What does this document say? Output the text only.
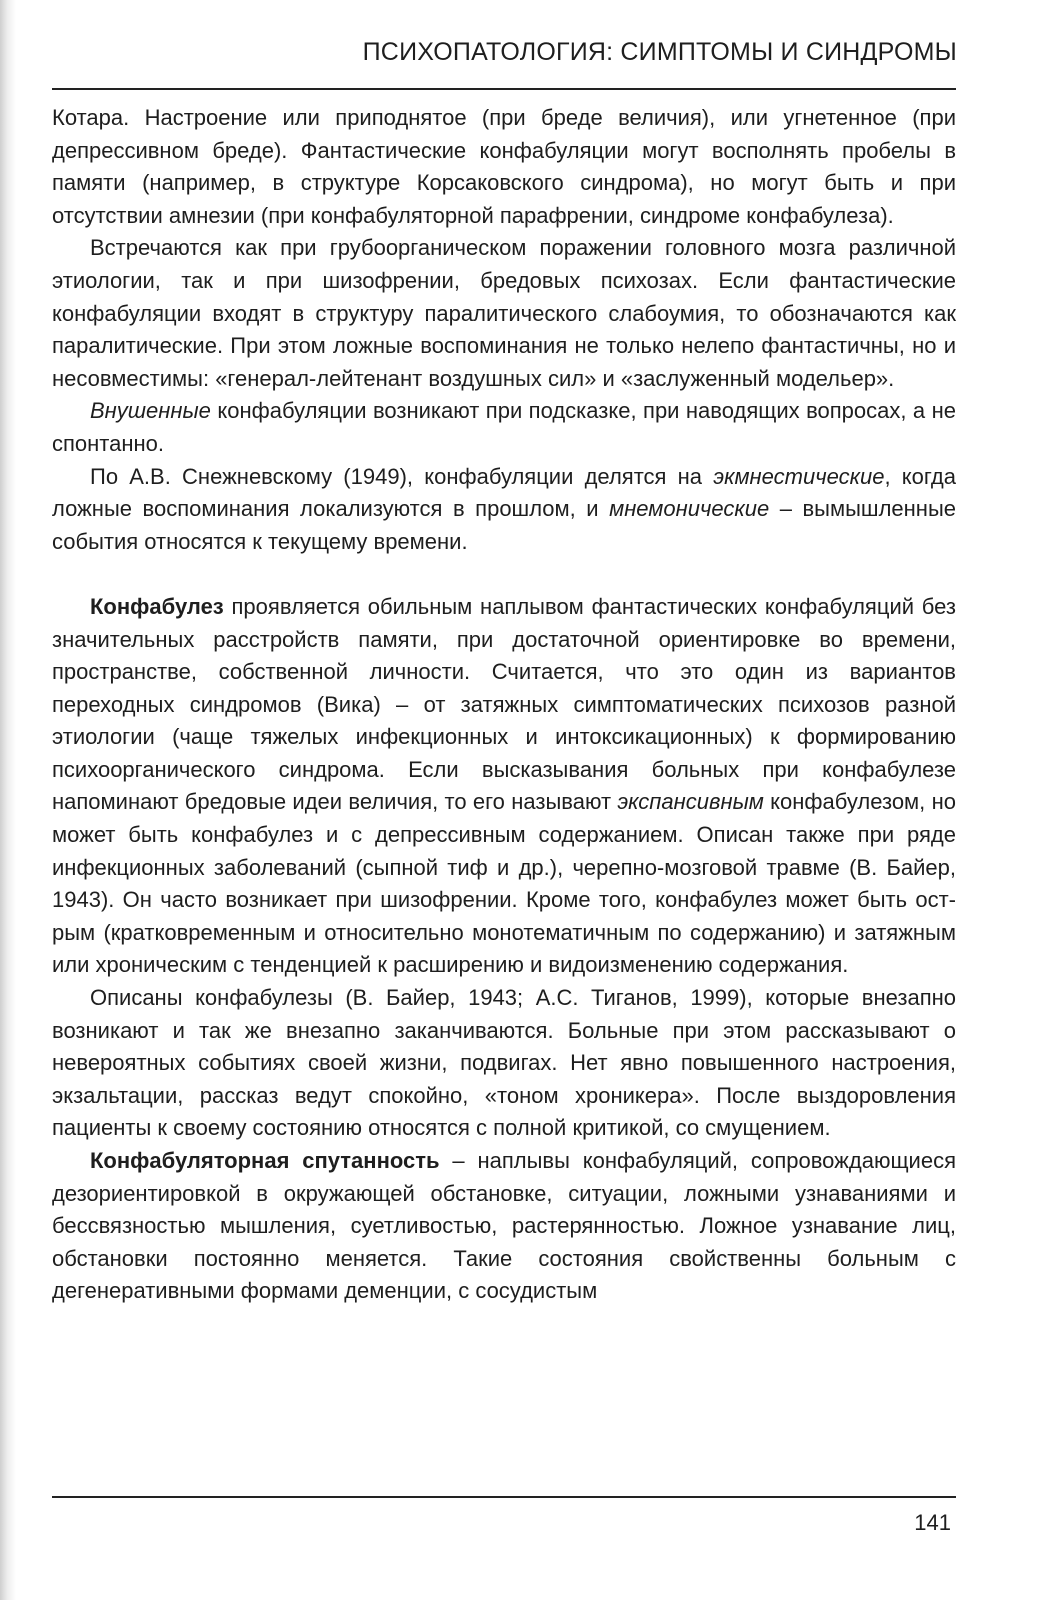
ПСИХОПАТОЛОГИЯ: СИМПТОМЫ И СИНДРОМЫ

Котара. Настроение или приподнятое (при бреде величия), или угнетенное (при депрессивном бреде). Фантастические конфабуляции могут восполнять пробелы в памяти (например, в структуре Корсаковского синдрома), но могут быть и при отсутствии амнезии (при конфабуляторной парафрении, синдроме конфабулеза).

Встречаются как при грубоорганическом поражении головного мозга различной этиологии, так и при шизофрении, бредовых психозах. Если фантастические конфабуляции входят в структуру паралитического слабоумия, то обозначаются как паралитические. При этом ложные воспоминания не только нелепо фантастичны, но и несовместимы: «генерал-лейтенант воздушных сил» и «заслуженный модельер».

Внушенные конфабуляции возникают при подсказке, при наводящих вопросах, а не спонтанно.

По А.В. Снежневскому (1949), конфабуляции делятся на экмнестические, когда ложные воспоминания локализуются в прошлом, и мнемонические – вымышленные события относятся к текущему времени.

Конфабулез проявляется обильным наплывом фантастических конфабуляций без значительных расстройств памяти, при достаточной ориентировке во времени, пространстве, собственной личности. Считается, что это один из вариантов переходных синдромов (Вика) – от затяжных симптоматических психозов разной этиологии (чаще тяжелых инфекционных и интоксикационных) к формированию психоорганического синдрома. Если высказывания больных при конфабулезе напоминают бредовые идеи величия, то его называют экспансивным конфабулезом, но может быть конфабулез и с депрессивным содержанием. Описан также при ряде инфекционных заболеваний (сыпной тиф и др.), черепно-мозговой травме (В. Байер, 1943). Он часто возникает при шизофрении. Кроме того, конфабулез может быть острым (кратковременным и относительно монотематичным по содержанию) и затяжным или хроническим с тенденцией к расширению и видоизменению содержания.

Описаны конфабулезы (В. Байер, 1943; А.С. Тиганов, 1999), которые внезапно возникают и так же внезапно заканчиваются. Больные при этом рассказывают о невероятных событиях своей жизни, подвигах. Нет явно повышенного настроения, экзальтации, рассказ ведут спокойно, «тоном хроникера». После выздоровления пациенты к своему состоянию относятся с полной критикой, со смущением.

Конфабуляторная спутанность – наплывы конфабуляций, сопровождающиеся дезориентировкой в окружающей обстановке, ситуации, ложными узнаваниями и бессвязностью мышления, суетливостью, растерянностью. Ложное узнавание лиц, обстановки постоянно меняется. Такие состояния свойственны больным с дегенеративными формами деменции, с сосудистым

141
